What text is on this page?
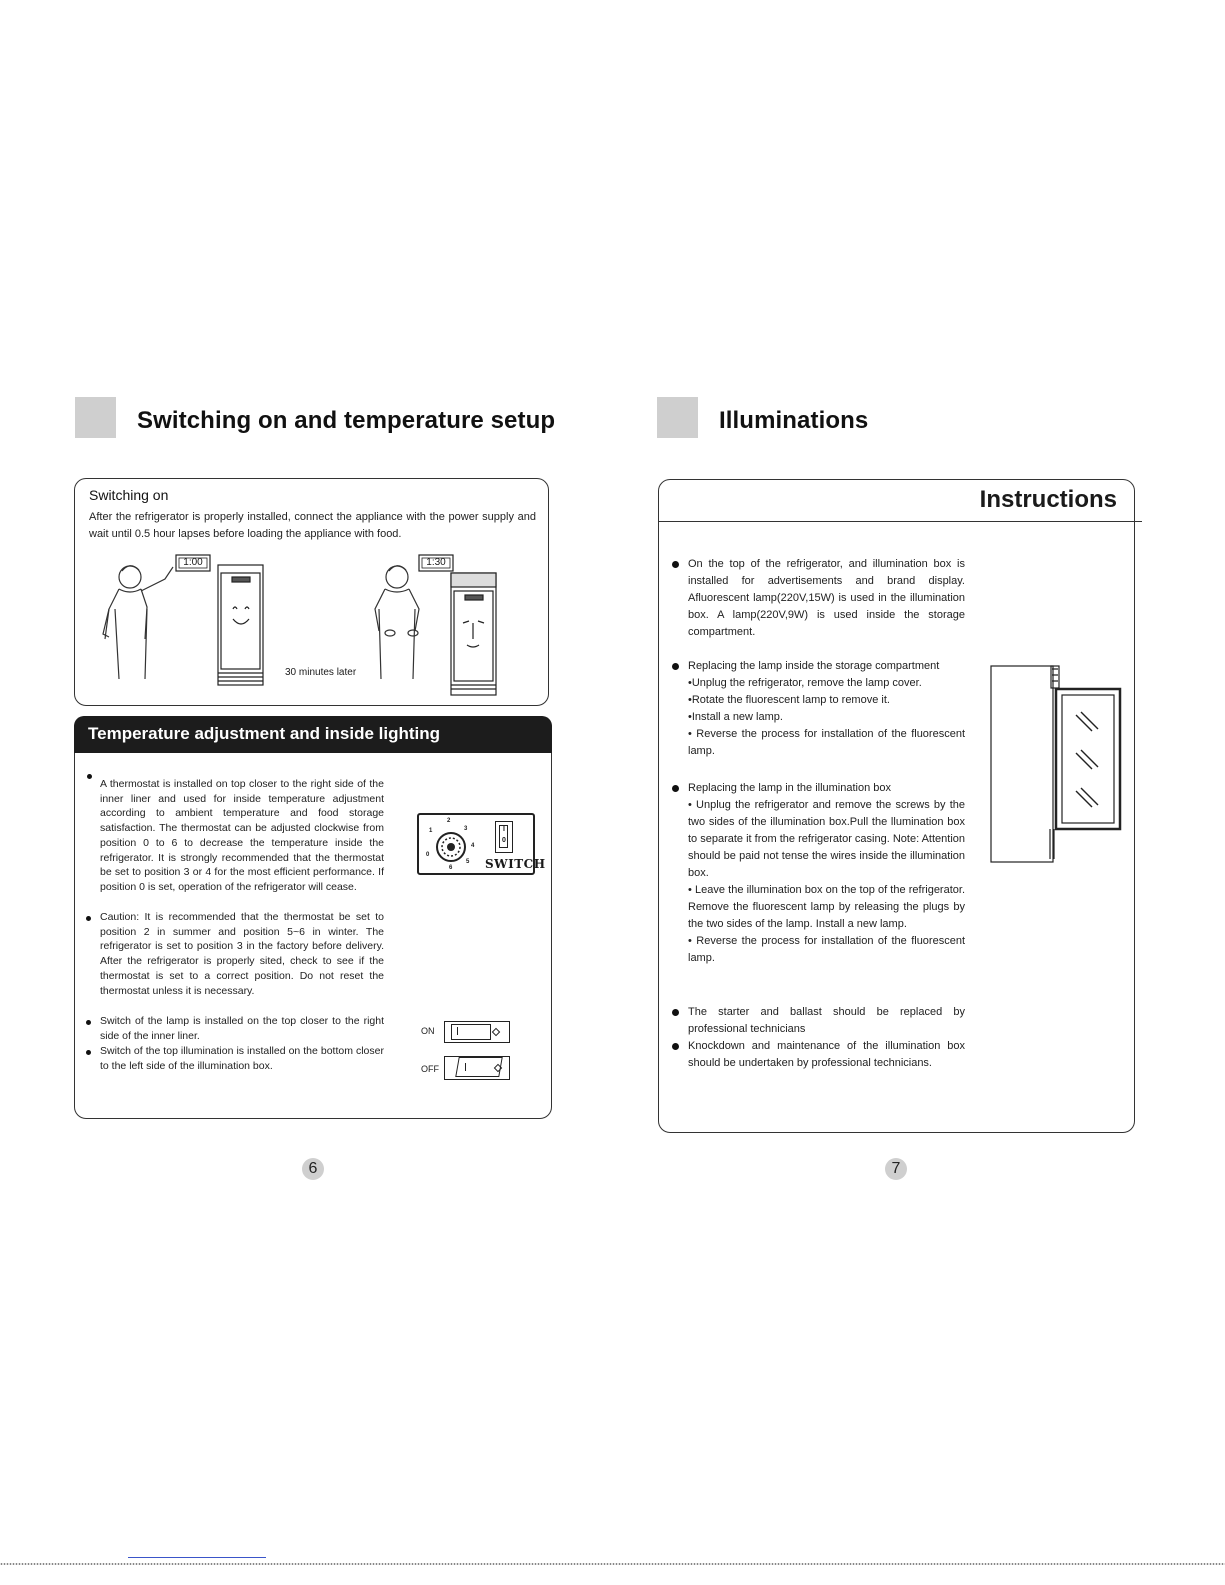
Switching on and temperature setup
Switching on
After the refrigerator is properly installed, connect the appliance with the power supply and wait until 0.5 hour lapses before loading the appliance with food.
1:00	1:30
30 minutes later
Temperature adjustment and inside lighting
A thermostat is installed on top closer to the right side of the inner liner and used for inside temperature adjustment according to ambient temperature and food storage satisfaction. The thermostat can be adjusted clockwise from position 0 to 6 to decrease the temperature inside the refrigerator. It is strongly recommended that the thermostat be set to position 3 or 4 for the most efficient performance. If position 0 is set, operation of the refrigerator will cease.
Caution: It is recommended that the thermostat be set to position 2 in summer and position 5~6 in winter. The refrigerator is set to position 3 in the factory before delivery. After the refrigerator is properly sited, check to see if the thermostat is set to a correct position. Do not reset the thermostat unless it is necessary.
Switch of the lamp is installed on the top closer to the right side of the inner liner.
Switch of the top illumination is installed on the bottom closer to the left side of the illumination box.
0
1
2
3
4
5
6
I
0
SWITCH
ON
OFF
6
Illuminations
Instructions
On the top of the refrigerator, and illumination box is installed for advertisements and brand display. Afluorescent lamp(220V,15W) is used in the illumination box. A lamp(220V,9W) is used inside the storage compartment.
Replacing the lamp inside the storage compartment
•Unplug the refrigerator, remove the lamp cover.
•Rotate the fluorescent lamp to remove it.
•Install a new lamp.
• Reverse the process for installation of the fluorescent lamp.
Replacing the lamp in the illumination box
• Unplug the refrigerator and remove the screws by the two sides of the illumination box.Pull the llumination box to separate it from the refrigerator casing. Note: Attention should be paid not tense the wires inside the illumination box.
• Leave the illumination box on the top of the refrigerator. Remove the fluorescent lamp by releasing the plugs by the two sides of the lamp. Install a new lamp.
• Reverse the process for installation of the fluorescent lamp.
The starter and ballast should be replaced by professional technicians
Knockdown and maintenance of the illumination box should be undertaken by professional technicians.
7
